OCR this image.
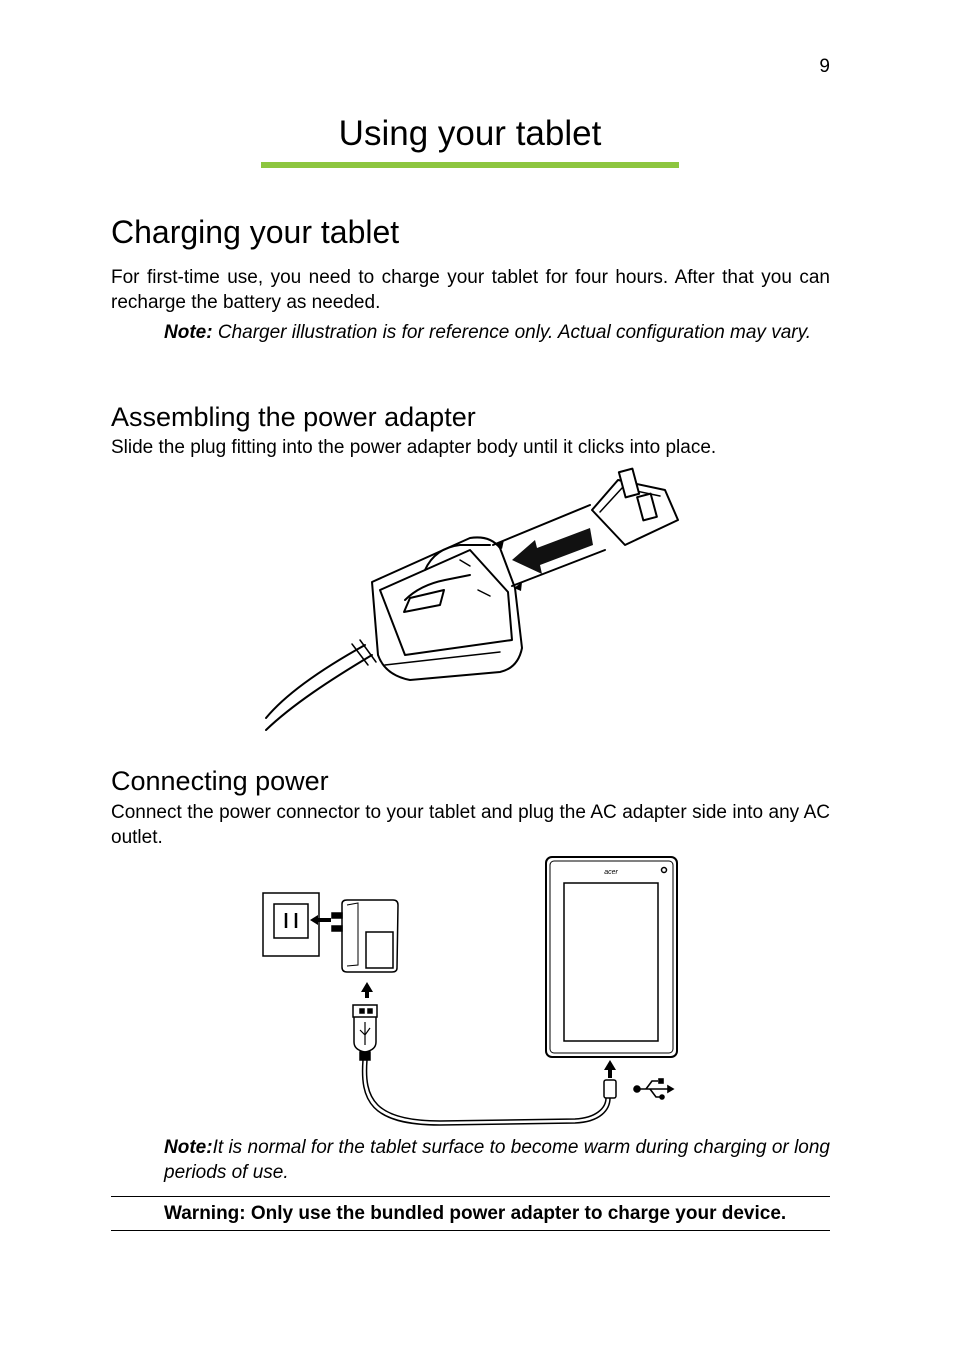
9
Using your tablet
Charging your tablet
For first-time use, you need to charge your tablet for four hours. After that you can recharge the battery as needed.
Note: Charger illustration is for reference only. Actual configuration may vary.
Assembling the power adapter
Slide the plug fitting into the power adapter body until it clicks into place.
Connecting power
Connect the power connector to your tablet and plug the AC adapter side into any AC outlet.
acer
Note:It is normal for the tablet surface to become warm during charging or long periods of use.
Warning: Only use the bundled power adapter to charge your device.
